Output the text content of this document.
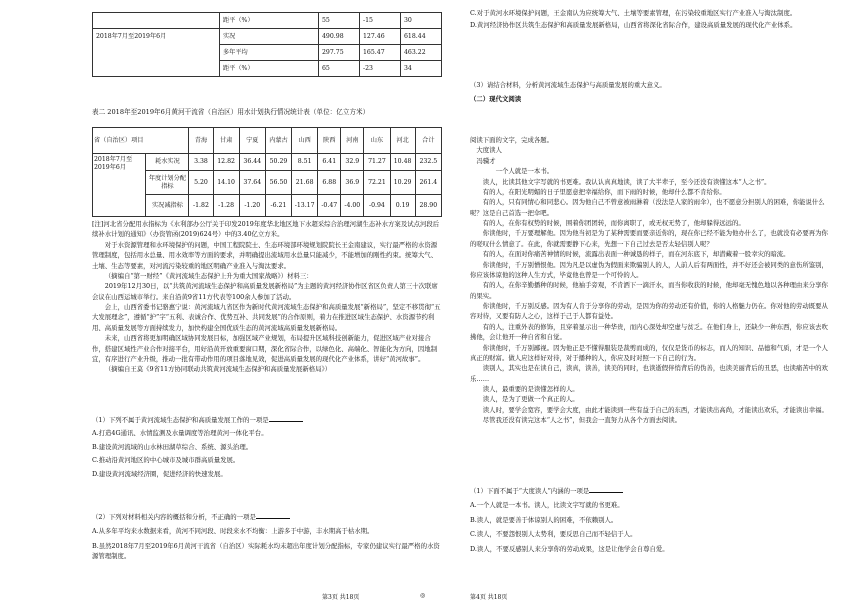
	距平（%）	55	-15	30
2018年7月至2019年6月	实况	490.98	127.46	618.44
	多年平均	297.75	165.47	463.22
	距平（%）	65	-23	34
表二 2018年至2019年6月黄河干流省（自治区）用水计划执行情况统计表（单位：亿立方米）
省（自治区）项目		青海	甘肃	宁夏	内蒙古	山西	陕西	河南	山东	河北	合计
2018年7月至2019年6月	耗水实况	3.38	12.82	36.44	50.29	8.51	6.41	32.9	71.27	10.48	232.5
	年度计划分配指标	5.20	14.10	37.64	56.50	21.68	6.88	36.9	72.21	10.29	261.4
	实况减指标	-1.82	-1.28	-1.20	-6.21	-13.17	-0.47	-4.00	-0.94	0.19	28.90

[注]河北省分配用水指标为《水利部办公厅关于印发2019年度华北地区地下水超采综合治理河湖生态补水方案及试点河段后续补水计划的通知》（办资管函(2019)624号）中的3.40亿立方米。

对于水资源管理和水环境保护的问题，中国工程院院士、生态环境部环境规划院院长王金南建议，实行最严格的水资源管理制度，包括用水总量、用水效率等方面的要求，并明确提出流域用水总量只能减少，不能增加的刚性约束。统筹大气、土壤、生态等要素，对河流污染较重的地区明确产业准入与淘汰要求。

（摘编自“第一财经”《黄河流域生态保护上升为重大国家战略》）材料三：

2019年12月30日，以“共筑黄河流域生态保护和高质量发展新格局”为主题的黄河经济协作区省区负责人第三十次联席会议在山西运城市举行。来自沿黄9省11方代表等100余人参加了活动。

会上，山西省委书记骆惠宁说：黄河流域九省区作为新时代黄河流域生态保护和高质量发展“新格局”，坚定不移贯彻“五大发展理念”，遵循“护”字“五利、表诚合作、优势互补、共同发展”的合作原则，着力在推进区域生态保护、水资源节约利用、高质量发展等方面持续发力，加快构建全国优质生态的黄河流域高质量发展新格局。

未来，山西省将更加明确区域协同发展目标，加强区域产业规划，布局提升区域科技创新能力，促进区域产业对接合作，搭建区域性产业合作对接平台，用好沿黄开放重要窗口期，深化省际合作，以绿色化、高端化、智能化为方向，因地制宜，有序进行产业升级，推动一批有带动作用的项目落地见效，促进高质量发展的现代化产业体系，讲好“黄河故事”。

（摘编自王莫《9省11方协同联动共筑黄河流域生态保护和高质量发展新格局》）

（1）下列不属于黄河流域生态保护和高质量发展工作的一项是

A.打造4G通讯、水情监测及水量调度等治理黄河一体化平台。

B.建设黄河流域的山水林田湖草综合、系统、源头治理。

C.推动沿黄河地区的中心城市及城市群高质量发展。

D.建设黄河流域经济圈，促进经济的快速发展。

（2）下列对材料相关内容的概括和分析，不正确的一项是

A.从多年平均来水数据来看，黄河不同河段、时段来水不均衡：上游多于中游，丰水期高于枯水期。

B.虽然2018年7月至2019年6月黄河干流省（自治区）实际耗水均未超出年度计划分配指标，专家仍建议实行最严格的水资源管理制度。

第3页 共18页	◎

C.对于黄河水环境保护问题，王金南认为应统筹大气、土壤等要素管理，在污染较重地区实行产业准入与淘汰制度。

D.黄河经济协作区共筑生态保护和高质量发展新格局，山西省将深化省际合作，建设高质量发展的现代化产业体系。

（3）请结合材料，分析黄河流域生态保护与高质量发展的重大意义。

（二）现代文阅读

阅读下面的文字，完成各题。

大度读人

冯骥才

一个人就是一本书。

读人，比读其他文字写就的书更难。我认认真真地读，读了大半辈子，至今还没有读懂这本“人之书”。

有的人，在阳光明媚的日子里愿意把幸福给你，而下雨的时候，他却什么都不肯给你。

有的人，只有同情心和同悲心。因为他自己不曾意被雨淋着（没法是人家的雨伞），也不愿意分担别人的困难，你能说什么呢？这是自己首选一把伞吧。

有的人，在你有权势的时候，围着你团团转，而你离职了，或无权无势了，他却躲得远远的。

你读他时，千万要理解他。因为他当初是为了某种需要而要亲近你的，现在你已经不能为他办什么了，也就没有必要再为你的嗟叹什么情意了。在此，你就需要静下心来，先想一下自己过去是否太轻信别人呢？

有的人，在面对你痛苦神情的时候，流露出表面一种诚恳的样子，而在河东底下，却潜藏着一股幸灾的暗流。

你读他时，千万别憎恨他。因为凡是以虚伪为假面来欺骗别人的人，人前人后有两面性，并不好还会被同类的意伤所鉴别，你应该体谅他的这种人生方式，毕竟他也曾是一个可怜的人。

有的人，在你辛勤播种的时候，他袖手旁观，不肯洒下一滴汗水，而当你收获的时候，他却毫无愧色地以各种理由来分享你的果实。

你读他时，千万别反感。因为有人肯于分享你的劳动，是因为你的劳动还有价值，你的人格魅力仍在。你对他的劳动既要从容对待，又要有防人之心，这样于己于人都有益处。

有的人，注重外表的修饰，且穿着显示出一种华贵，而内心深处却空虚与贫乏。在他们身上，还缺少一种东西，你应该去吹拂他，会让他开一种自省和自觉。

你读他时，千万别鄙视。因为他正是不懂得服装是裁剪而成的，仅仅是货币的标志，而人的知识、品德和气质，才是一个人真正的财富。做人应这样好对待，对于播种的人，你应及时对照一下自己的行为。

读别人，其实也是在读自己，读真，读善，读美的同时，也读逝假伴悄背后的伪善，也读美丽背后的丑恶，也读痛苦中的欢乐……

读人，最重要的是读懂怎样的人。

读人，是为了更做一个真正的人。

读人时，要学会宽容，要学会大度，由此才能读到一些有益于自己的东西，才能读出高尚，才能读出欢乐，才能读出幸福。

尽管我还没有读完这本“人之书”，但我会一直努力从各个方面去阅读。

（1）下面不属于“大度读人”内涵的一项是

A.一个人就是一本书。读人，比读文字写就的书更难。

B.读人，就是要善于体谅别人的困难，不依赖别人。

C.读人，不要怨恨别人太势利，要反思自己而不轻信于人。

D.读人，不要反感别人来分享你的劳动成果，这是让他学会自尊自爱。

第4页 共18页
